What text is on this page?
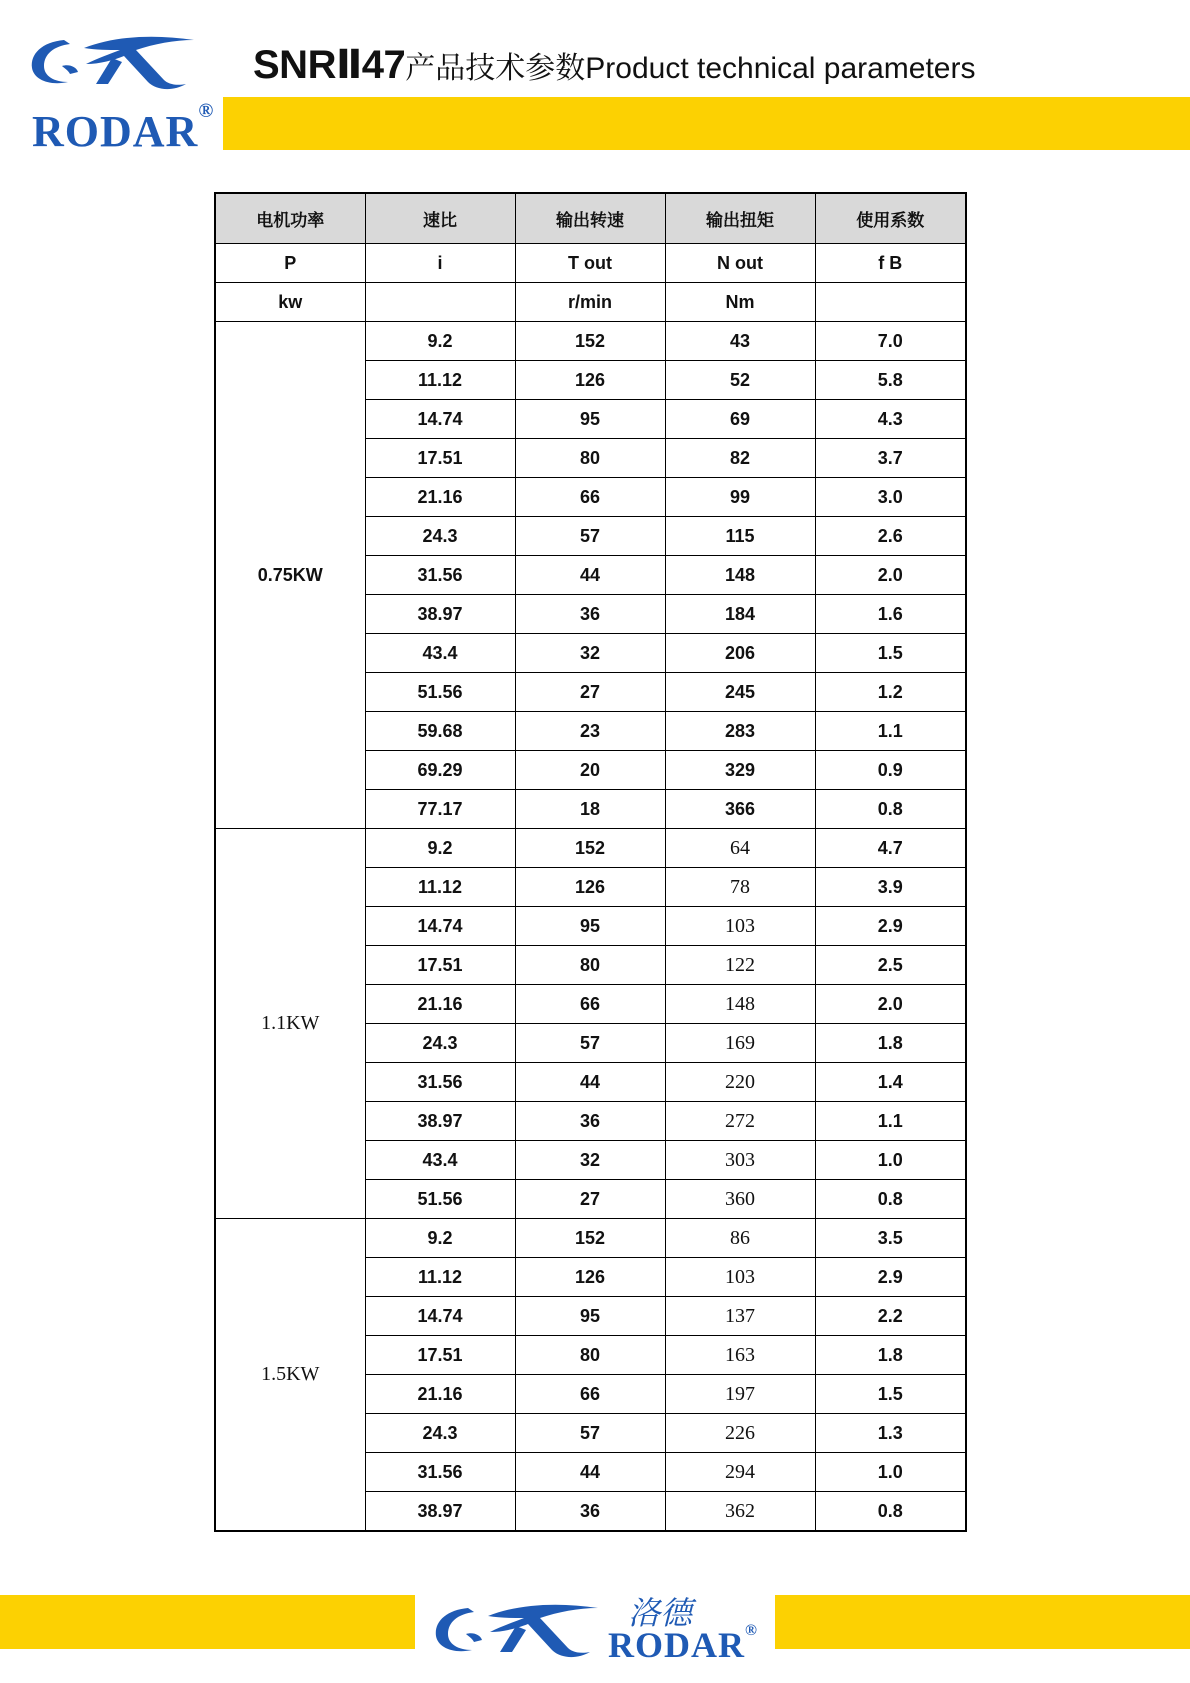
RODAR®
SNRⅡ47产品技术参数Product technical parameters
电机功率	速比	输出转速	输出扭矩	使用系数
P	i	T out	N out	f B
kw		r/min	Nm	
0.75KW	9.2	152	43	7.0
	11.12	126	52	5.8
	14.74	95	69	4.3
	17.51	80	82	3.7
	21.16	66	99	3.0
	24.3	57	115	2.6
	31.56	44	148	2.0
	38.97	36	184	1.6
	43.4	32	206	1.5
	51.56	27	245	1.2
	59.68	23	283	1.1
	69.29	20	329	0.9
	77.17	18	366	0.8
1.1KW	9.2	152	64	4.7
	11.12	126	78	3.9
	14.74	95	103	2.9
	17.51	80	122	2.5
	21.16	66	148	2.0
	24.3	57	169	1.8
	31.56	44	220	1.4
	38.97	36	272	1.1
	43.4	32	303	1.0
	51.56	27	360	0.8
1.5KW	9.2	152	86	3.5
	11.12	126	103	2.9
	14.74	95	137	2.2
	17.51	80	163	1.8
	21.16	66	197	1.5
	24.3	57	226	1.3
	31.56	44	294	1.0
	38.97	36	362	0.8
洛德
RODAR®
